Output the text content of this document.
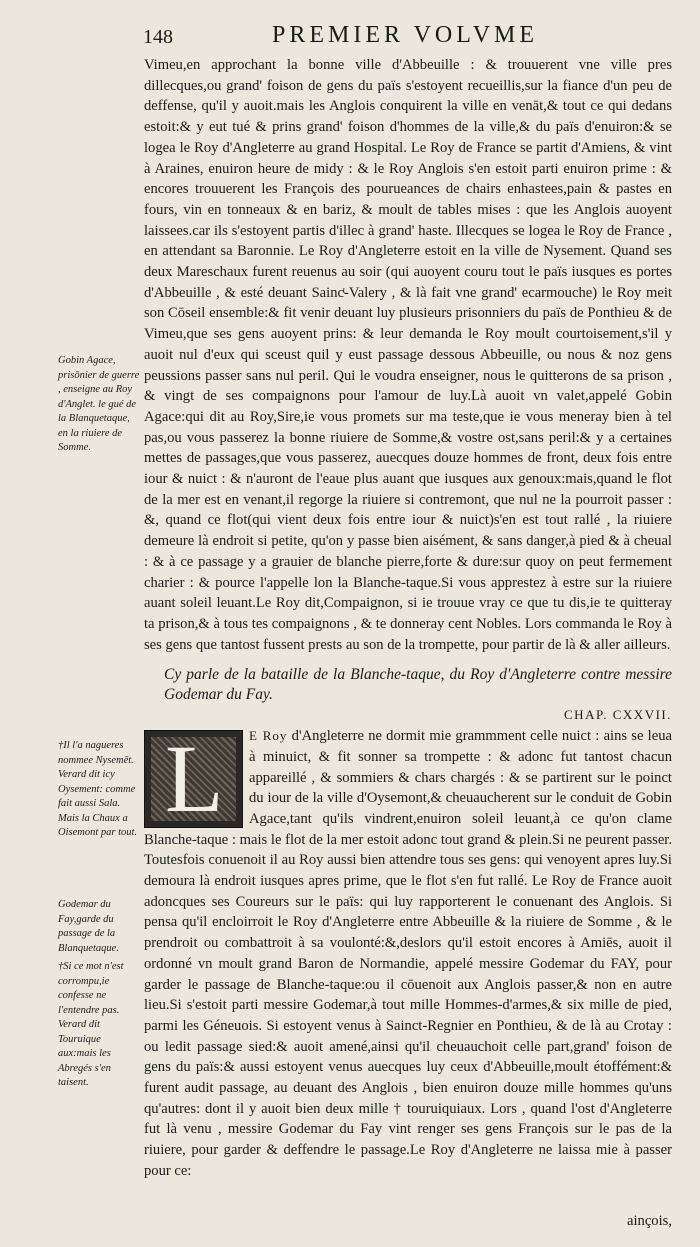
148	PREMIER VOLVME

Vimeu,en approchant la bonne ville d'Abbeuille : & trouuerent vne ville pres dillecques,ou grand' foison de gens du païs s'estoyent recueillis,sur la fiance d'un peu de deffense, qu'il y auoit.mais les Anglois conquirent la ville en venāt,& tout ce qui dedans estoit:& y eut tué & prins grand' foison d'hommes de la ville,& du païs d'enuiron:& se logea le Roy d'Angleterre au grand Hospital. Le Roy de France se partit d'Amiens, & vint à Araines, enuiron heure de midy : & le Roy Anglois s'en estoit parti enuiron prime : & encores trouuerent les François des pourueances de chairs enhastees,pain & pastes en fours, vin en tonneaux & en bariz, & moult de tables mises : que les Anglois auoyent laissees.car ils s'estoyent partis d'illec à grand' haste. Illecques se logea le Roy de France , en attendant sa Baronnie. Le Roy d'Angleterre estoit en la ville de Nysement. Quand ses deux Mareschaux furent reuenus au soir (qui auoyent couru tout le païs iusques es portes d'Abbeuille , & esté deuant Saincͭ-Valery , & là fait vne grand' ecarmouche) le Roy meit son Cōseil ensemble:& fit venir deuant luy plusieurs prisonniers du païs de Ponthieu & de Vimeu,que ses gens auoyent prins: & leur demanda le Roy moult courtoisement,s'il y auoit nul d'eux qui sceust quil y eust passage dessous Abbeuille, ou nous & noz gens peussions passer sans nul peril. Qui le voudra enseigner, nous le quitterons de sa prison , & vingt de ses compaignons pour l'amour de luy.Là auoit vn valet,appelé Gobin Agace:qui dit au Roy,Sire,ie vous promets sur ma teste,que ie vous meneray bien à tel pas,ou vous passerez la bonne riuiere de Somme,& vostre ost,sans peril:& y a certaines mettes de passages,que vous passerez, auecques douze hommes de front, deux fois entre iour & nuict : & n'auront de l'eaue plus auant que iusques aux genoux:mais,quand le flot de la mer est en venant,il regorge la riuiere si contremont, que nul ne la pourroit passer : &, quand ce flot(qui vient deux fois entre iour & nuict)s'en est tout rallé , la riuiere demeure là endroit si petite, qu'on y passe bien aisément, & sans danger,à pied & à cheual : & à ce passage y a grauier de blanche pierre,forte & dure:sur quoy on peut fermement charier : & pource l'appelle lon la Blanche-taque.Si vous apprestez à estre sur la riuiere auant soleil leuant.Le Roy dit,Compaignon, si ie trouue vray ce que tu dis,ie te quitteray ta prison,& à tous tes compaignons , & te donneray cent Nobles. Lors commanda le Roy à ses gens que tantost fussent prests au son de la trompette, pour partir de là & aller ailleurs.

Cy parle de la bataille de la Blanche-taque, du Roy d'Angleterre contre messire Godemar du Fay.
CHAP. CXXVII.

L E Roy d'Angleterre ne dormit mie grammment celle nuict : ains se leua à minuict, & fit sonner sa trompette : & adonc fut tantost chacun appareillé , & sommiers & chars chargés : & se partirent sur le poinct du iour de la ville d'Oysemont,& cheuaucherent sur le conduit de Gobin Agace,tant qu'ils vindrent,enuiron soleil leuant,à ce qu'on clame Blanche-taque : mais le flot de la mer estoit adonc tout grand & plein.Si ne peurent passer. Toutesfois conuenoit il au Roy aussi bien attendre tous ses gens: qui venoyent apres luy.Si demoura là endroit iusques apres prime, que le flot s'en fut rallé. Le Roy de France auoit adoncques ses Coureurs sur le païs: qui luy rapporterent le conuenant des Anglois. Si pensa qu'il encloirroit le Roy d'Angleterre entre Abbeuille & la riuiere de Somme , & le prendroit ou combattroit à sa voulonté:&,deslors qu'il estoit encores à Amiēs, auoit il ordonné vn moult grand Baron de Normandie, appelé messire Godemar du FAY, pour garder le passage de Blanche-taque:ou il cōuenoit aux Anglois passer,& non en autre lieu.Si s'estoit parti messire Godemar,à tout mille Hommes-d'armes,& six mille de pied, parmi les Géneuois. Si estoyent venus à Sainct-Regnier en Ponthieu, & de là au Crotay : ou ledit passage sied:& auoit amené,ainsi qu'il cheuauchoit celle part,grand' foison de gens du païs:& aussi estoyent venus auecques luy ceux d'Abbeuille,moult étoffément:& furent audit passage, au deuant des Anglois , bien enuiron douze mille hommes qu'uns qu'autres: dont il y auoit bien deux mille † touruiquiaux. Lors , quand l'ost d'Angleterre fut là venu , messire Godemar du Fay vint renger ses gens François sur le pas de la riuiere, pour garder & deffendre le passage.Le Roy d'Angleterre ne laissa mie à passer pour ce:

Gobin Agace, prisōnier de guerre , enseigne au Roy d'Anglet. le gué de la Blanquetaque, en la riuiere de Somme.
†Il l'a nagueres nommee Nysemēt. Verard dit icy Oysement: comme fait aussi Sala. Mais la Chaux a Oisemont par tout.
Godemar du Fay,garde du passage de la Blanquetaque.
†Si ce mot n'est corrompu,ie confesse ne l'entendre pas. Verard dit Touruique aux:mais les Abregés s'en taisent.
ainçois,
